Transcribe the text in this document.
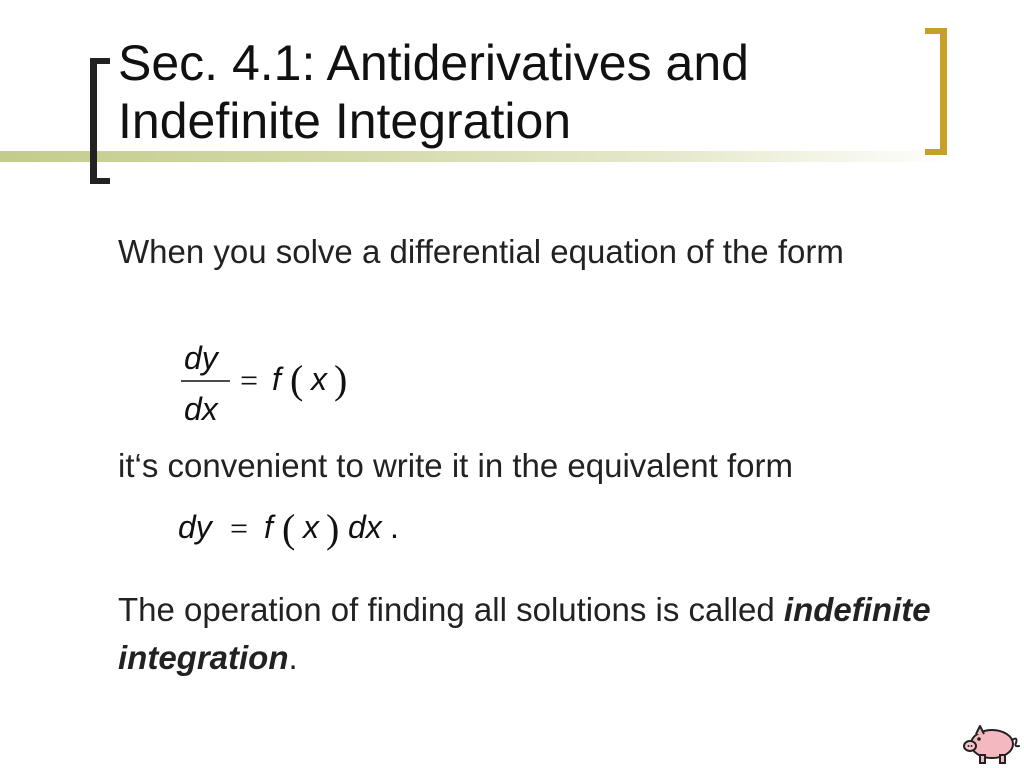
Sec. 4.1: Antiderivatives and
Indefinite Integration

When you solve a differential equation of the form

dy
dx
= f ( x )

it‘s convenient to write it in the equivalent form

dy = f ( x ) dx .

The operation of finding all solutions is called indefinite integration.
